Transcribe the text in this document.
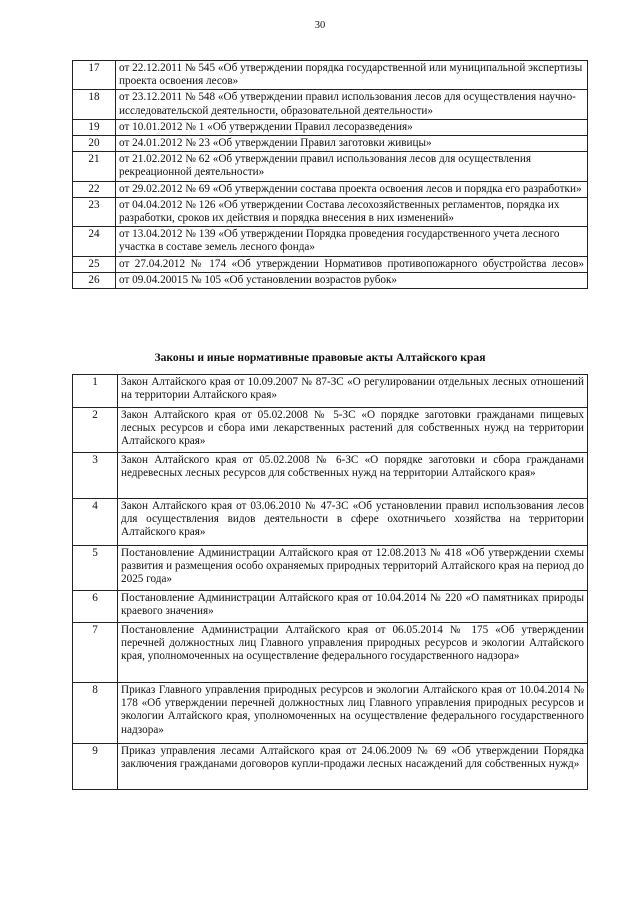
30
17	от 22.12.2011 № 545 «Об утверждении порядка государственной или муниципальной экспертизы проекта освоения лесов»
18	от 23.12.2011 № 548 «Об утверждении правил использования лесов для осуществления научно-исследовательской деятельности, образовательной деятельности»
19	от 10.01.2012 № 1 «Об утверждении Правил лесоразведения»
20	от 24.01.2012 № 23 «Об утверждении Правил заготовки живицы»
21	от 21.02.2012 № 62 «Об утверждении правил использования лесов для осуществления рекреационной деятельности»
22	от 29.02.2012 № 69 «Об утверждении состава проекта освоения лесов и порядка его разработки»
23	от 04.04.2012 № 126 «Об утверждении Состава лесохозяйственных регламентов, порядка их разработки, сроков их действия и порядка внесения в них изменений»
24	от 13.04.2012 № 139 «Об утверждении Порядка проведения государственного учета лесного участка в составе земель лесного фонда»
25	от 27.04.2012 № 174 «Об утверждении Нормативов противопожарного обустройства лесов»
26	от 09.04.20015 № 105 «Об установлении возрастов рубок»
Законы и иные нормативные правовые акты Алтайского края
1	Закон Алтайского края от 10.09.2007 № 87-ЗС «О регулировании отдельных лесных отношений на территории Алтайского края»
2	Закон Алтайского края от 05.02.2008 № 5-ЗС «О порядке заготовки гражданами пищевых лесных ресурсов и сбора ими лекарственных растений для собственных нужд на территории Алтайского края»
3	Закон Алтайского края от 05.02.2008 № 6-ЗС «О порядке заготовки и сбора гражданами недревесных лесных ресурсов для собственных нужд на территории Алтайского края»
4	Закон Алтайского края от 03.06.2010 № 47-ЗС «Об установлении правил использования лесов для осуществления видов деятельности в сфере охотничьего хозяйства на территории Алтайского края»
5	Постановление Администрации Алтайского края от 12.08.2013 № 418 «Об утверждении схемы развития и размещения особо охраняемых природных территорий Алтайского края на период до 2025 года»
6	Постановление Администрации Алтайского края от 10.04.2014 № 220 «О памятниках природы краевого значения»
7	Постановление Администрации Алтайского края от 06.05.2014 № 175 «Об утверждении перечней должностных лиц Главного управления природных ресурсов и экологии Алтайского края, уполномоченных на осуществление федерального государственного надзора»
8	Приказ Главного управления природных ресурсов и экологии Алтайского края от 10.04.2014 № 178 «Об утверждении перечней должностных лиц Главного управления природных ресурсов и экологии Алтайского края, уполномоченных на осуществление федерального государственного надзора»
9	Приказ управления лесами Алтайского края от 24.06.2009 № 69 «Об утверждении Порядка заключения гражданами договоров купли-продажи лесных насаждений для собственных нужд»
